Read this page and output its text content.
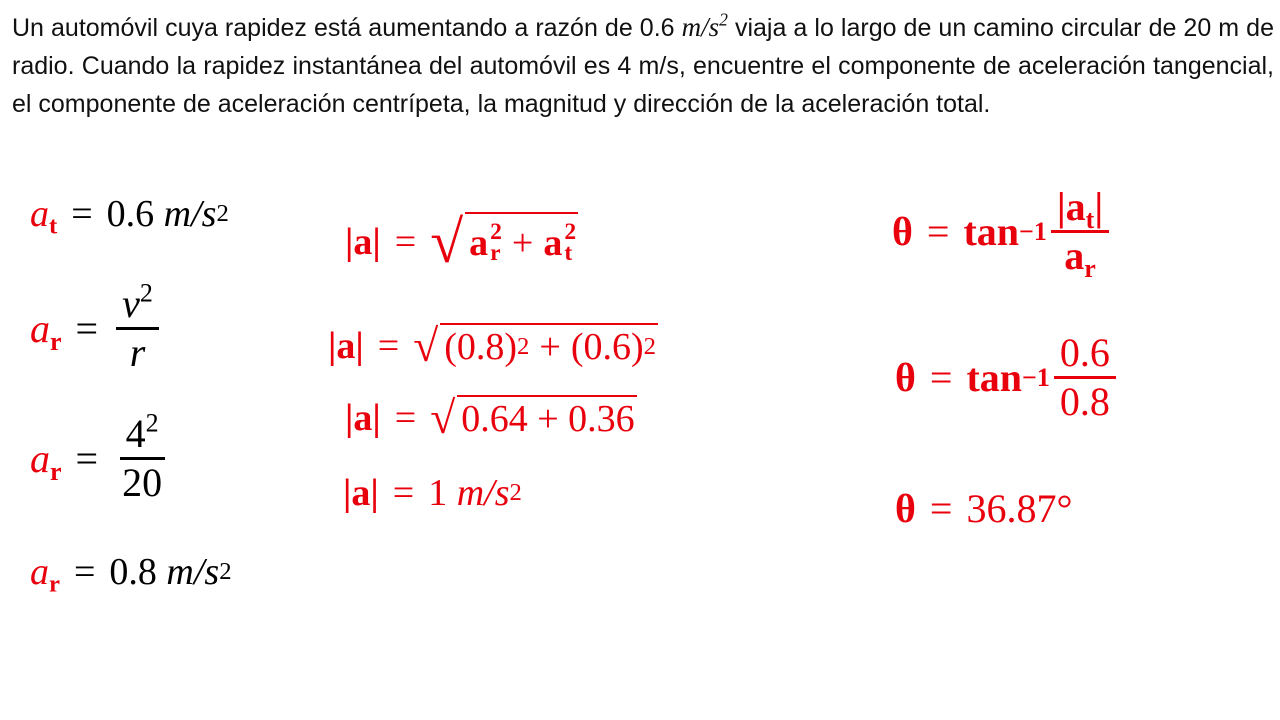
Un automóvil cuya rapidez está aumentando a razón de 0.6 $m/s^2$ viaja a lo largo de un camino circular de 20 m de radio. Cuando la rapidez instantánea del automóvil es 4 m/s, encuentre el componente de aceleración tangencial, el componente de aceleración centrípeta, la magnitud y dirección de la aceleración total.
$a_t = 0.6$
m/s 2
$a_r = \frac{v^2}{r}$
$a_r = \frac{4^2}{20}$
$a_r = 0.8$
m/s 2
|a| = √ a 2
r + a 2
t
|a| = √ (0.8) 2 + (0.6) 2
|a| = √ 0.64 + 0.36
|a| = 1
m/s 2
$\theta = \tan -1 \frac{|a_t|}{a_r}$
$\theta = \tan -1 \frac{0.6}{0.8}$
θ = 36.87°
